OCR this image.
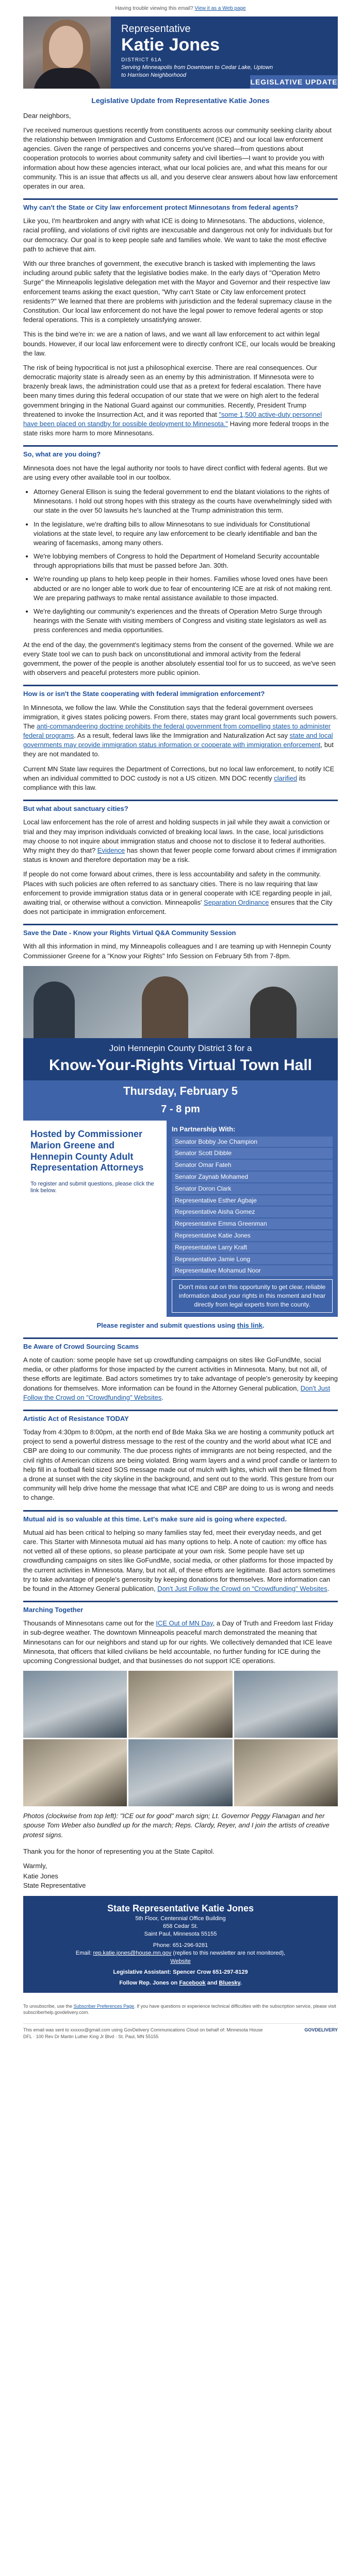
Having trouble viewing this email? View it as a Web page
Representative
Katie Jones
DISTRICT 61A
Serving Minneapolis from Downtown to Cedar Lake, Uptown to Harrison Neighborhood
LEGISLATIVE UPDATE
Legislative Update from Representative Katie Jones

Dear neighbors,

I've received numerous questions recently from constituents across our community seeking clarity about the relationship between Immigration and Customs Enforcement (ICE) and our local law enforcement agencies. Given the range of perspectives and concerns you've shared—from questions about cooperation protocols to worries about community safety and civil liberties—I want to provide you with information about how these agencies interact, what our local policies are, and what this means for our community. This is an issue that affects us all, and you deserve clear answers about how law enforcement operates in our area.

Why can't the State or City law enforcement protect Minnesotans from federal agents?

Like you, I'm heartbroken and angry with what ICE is doing to Minnesotans. The abductions, violence, racial profiling, and violations of civil rights are inexcusable and dangerous not only for individuals but for our democracy. Our goal is to keep people safe and families whole. We want to take the most effective path to achieve that aim.

With our three branches of government, the executive branch is tasked with implementing the laws including around public safety that the legislative bodies make. In the early days of "Operation Metro Surge" the Minneapolis legislative delegation met with the Mayor and Governor and their respective law enforcement teams asking the exact question, "Why can't State or City law enforcement protect residents?" We learned that there are problems with jurisdiction and the federal supremacy clause in the Constitution. Our local law enforcement do not have the legal power to remove federal agents or stop federal operations. This is a completely unsatisfying answer.

This is the bind we're in: we are a nation of laws, and we want all law enforcement to act within legal bounds. However, if our local law enforcement were to directly confront ICE, our locals would be breaking the law.

The risk of being hypocritical is not just a philosophical exercise. There are real consequences. Our democratic majority state is already seen as an enemy by this administration. If Minnesota were to brazenly break laws, the administration could use that as a pretext for federal escalation. There have been many times during this federal occupation of our state that we were on high alert to the federal government bringing in the National Guard against our communities. Recently, President Trump threatened to invoke the Insurrection Act, and it was reported that "some 1,500 active-duty personnel have been placed on standby for possible deployment to Minnesota." Having more federal troops in the state risks more harm to more Minnesotans.

So, what are you doing?

Minnesota does not have the legal authority nor tools to have direct conflict with federal agents. But we are using every other available tool in our toolbox.

• Attorney General Ellison is suing the federal government to end the blatant violations to the rights of Minnesotans. I hold out strong hopes with this strategy as the courts have overwhelmingly sided with our state in the over 50 lawsuits he's launched at the Trump administration this term.
• In the legislature, we're drafting bills to allow Minnesotans to sue individuals for Constitutional violations at the state level, to require any law enforcement to be clearly identifiable and ban the wearing of facemasks, among many others.
• We're lobbying members of Congress to hold the Department of Homeland Security accountable through appropriations bills that must be passed before Jan. 30th.
• We're rounding up plans to help keep people in their homes. Families whose loved ones have been abducted or are no longer able to work due to fear of encountering ICE are at risk of not making rent. We are preparing pathways to make rental assistance available to those impacted.
• We're daylighting our community's experiences and the threats of Operation Metro Surge through hearings with the Senate with visiting members of Congress and visiting state legislators as well as press conferences and media opportunities.

At the end of the day, the government's legitimacy stems from the consent of the governed. While we are every State tool we can to push back on unconstitutional and immoral activity from the federal government, the power of the people is another absolutely essential tool for us to succeed, as we've seen with observers and peaceful protesters more public opinion.

How is or isn't the State cooperating with federal immigration enforcement?

In Minnesota, we follow the law. While the Constitution says that the federal government oversees immigration, it gives states policing powers. From there, states may grant local governments such powers. The anti-commandeering doctrine prohibits the federal government from compelling states to administer federal programs. As a result, federal laws like the Immigration and Naturalization Act say state and local governments may provide immigration status information or cooperate with immigration enforcement, but they are not mandated to.

Current MN State law requires the Department of Corrections, but no local law enforcement, to notify ICE when an individual committed to DOC custody is not a US citizen. MN DOC recently clarified its compliance with this law.

But what about sanctuary cities?

Local law enforcement has the role of arrest and holding suspects in jail while they await a conviction or trial and they may imprison individuals convicted of breaking local laws. In the case, local jurisdictions may choose to not inquire about immigration status and choose not to disclose it to federal authorities. Why might they do that? Evidence has shown that fewer people come forward about crimes if immigration status is known and therefore deportation may be a risk.

If people do not come forward about crimes, there is less accountability and safety in the community. Places with such policies are often referred to as sanctuary cities. There is no law requiring that law enforcement to provide immigration status data or in general cooperate with ICE regarding people in jail, awaiting trial, or otherwise without a conviction. Minneapolis' Separation Ordinance ensures that the City does not participate in immigration enforcement.

Save the Date - Know your Rights Virtual Q&A Community Session

With all this information in mind, my Minneapolis colleagues and I are teaming up with Hennepin County Commissioner Greene for a "Know your Rights" Info Session on February 5th from 7-8pm.

Join Hennepin County District 3 for a
Know-Your-Rights Virtual Town Hall
Thursday, February 5
7 - 8 pm
Hosted by Commissioner Marion Greene and Hennepin County Adult Representation Attorneys
To register and submit questions, please click the link below.
In Partnership With:
Senator Bobby Joe Champion
Senator Scott Dibble
Senator Omar Fateh
Senator Zaynab Mohamed
Senator Doron Clark
Representative Esther Agbaje
Representative Aisha Gomez
Representative Emma Greenman
Representative Katie Jones
Representative Larry Kraft
Representative Jamie Long
Representative Mohamud Noor
Don't miss out on this opportunity to get clear, reliable information about your rights in this moment and hear directly from legal experts from the county.
Please register and submit questions using this link.
Be Aware of Crowd Sourcing Scams

A note of caution: some people have set up crowdfunding campaigns on sites like GoFundMe, social media, or other platforms for those impacted by the current activities in Minnesota. Many, but not all, of these efforts are legitimate. Bad actors sometimes try to take advantage of people's generosity by keeping donations for themselves. More information can be found in the Attorney General publication, Don't Just Follow the Crowd on "Crowdfunding" Websites.

Artistic Act of Resistance TODAY

Today from 4:30pm to 8:00pm, at the north end of Bde Maka Ska we are hosting a community potluck art project to send a powerful distress message to the rest of the country and the world about what ICE and CBP are doing to our community. The due process rights of immigrants are not being respected, and the civil rights of American citizens are being violated. Bring warm layers and a wind proof candle or lantern to help fill in a football field sized SOS message made out of mulch with lights, which will then be filmed from a drone at sunset with the city skyline in the background, and sent out to the world. This gesture from our community will help drive home the message that what ICE and CBP are doing to us is wrong and needs to change.

Mutual aid is so valuable at this time. Let's make sure aid is going where expected.

Mutual aid has been critical to helping so many families stay fed, meet their everyday needs, and get care. This Starter with Minnesota mutual aid has many options to help. A note of caution: my office has not vetted all of these options, so please participate at your own risk. Some people have set up crowdfunding campaigns on sites like GoFundMe, social media, or other platforms for those impacted by the current activities in Minnesota. Many, but not all, of these efforts are legitimate. Bad actors sometimes try to take advantage of people's generosity by keeping donations for themselves. More information can be found in the Attorney General publication, Don't Just Follow the Crowd on "Crowdfunding" Websites.

Marching Together

Thousands of Minnesotans came out for the ICE Out of MN Day, a Day of Truth and Freedom last Friday in sub-degree weather. The downtown Minneapolis peaceful march demonstrated the meaning that Minnesotans can for our neighbors and stand up for our rights. We collectively demanded that ICE leave Minnesota, that officers that killed civilians be held accountable, no further funding for ICE during the upcoming Congressional budget, and that businesses do not support ICE operations.

Photos (clockwise from top left): "ICE out for good" march sign; Lt. Governor Peggy Flanagan and her spouse Tom Weber also bundled up for the march; Reps. Clardy, Reyer, and I join the artists of creative protest signs.

Thank you for the honor of representing you at the State Capitol.

Warmly,

Katie Jones
State Representative

State Representative Katie Jones
5th Floor, Centennial Office Building
658 Cedar St.
Saint Paul, Minnesota 55155
Phone: 651-296-9281
Email: rep.katie.jones@house.mn.gov (replies to this newsletter are not monitored),
Website
Legislative Assistant: Spencer Crow 651-297-8129
Follow Rep. Jones on Facebook and Bluesky.
To unsubscribe, use the Subscriber Preferences Page. If you have questions or experience technical difficulties with the subscription service, please visit subscriberhelp.govdelivery.com.
This email was sent to xxxxxx@gmail.com using GovDelivery Communications Cloud on behalf of: Minnesota House DFL · 100 Rev Dr Martin Luther King Jr Blvd · St. Paul, MN 55155
GOVDELIVERY
